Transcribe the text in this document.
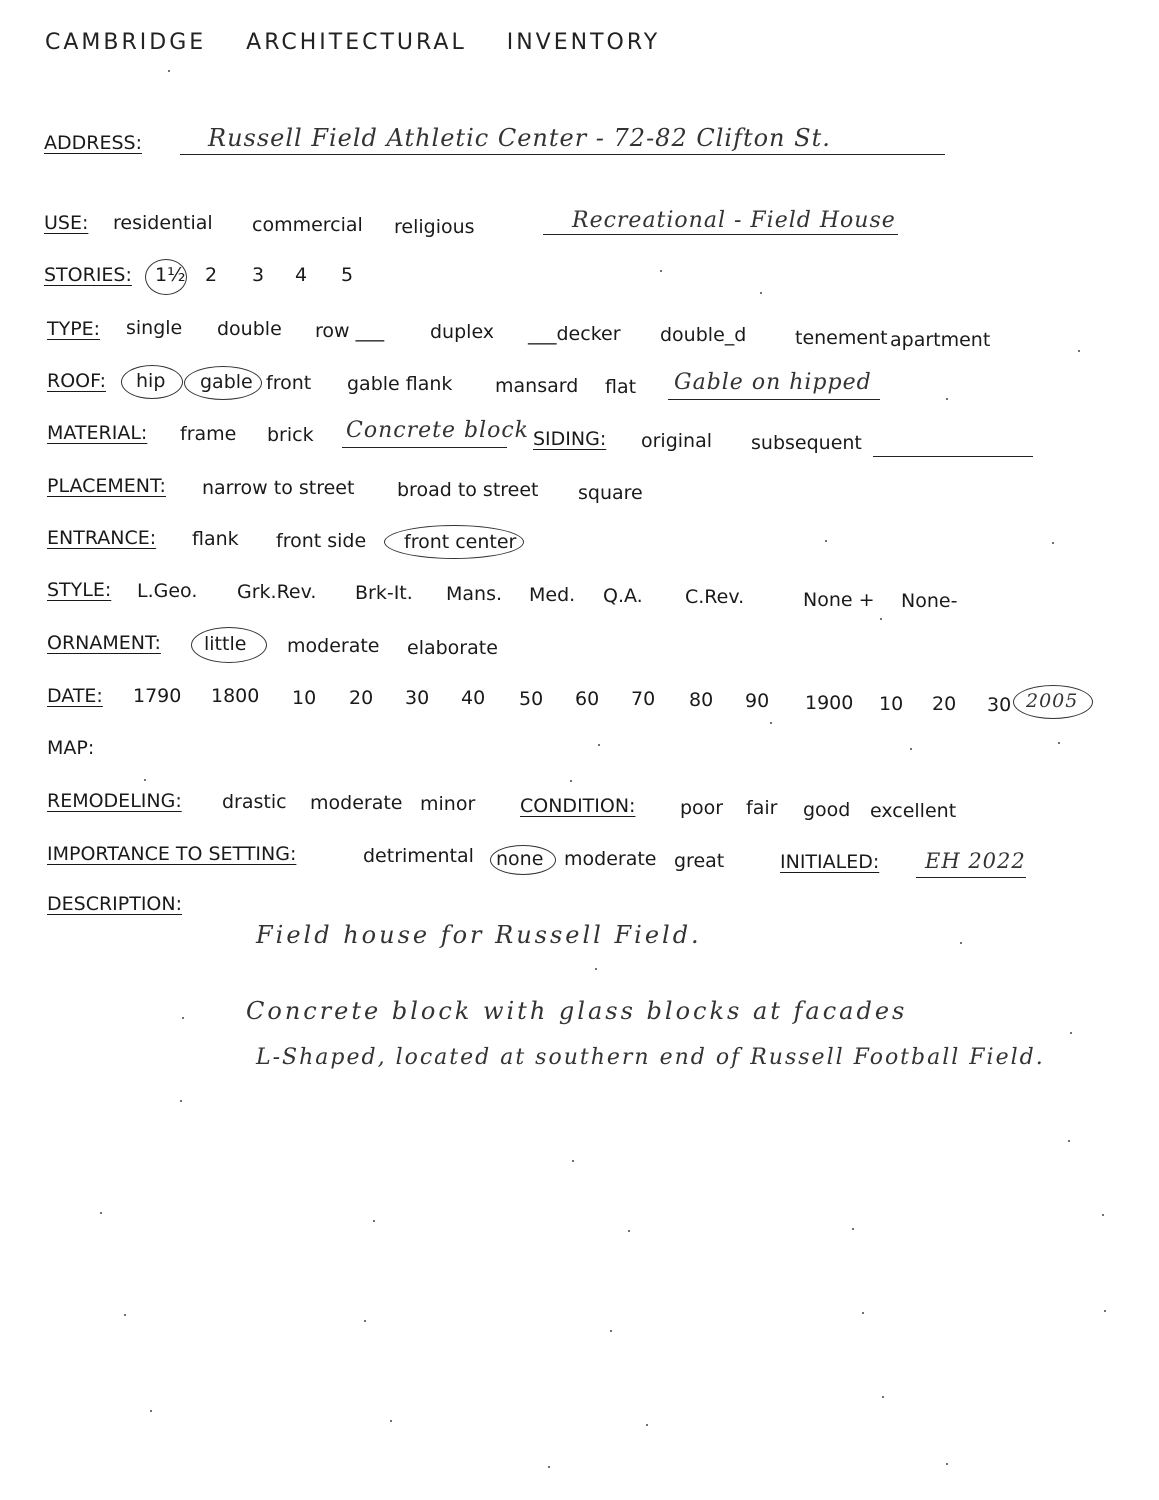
CAMBRIDGE ARCHITECTURAL INVENTORY
ADDRESS:	Russell Field Athletic Center - 72-82 Clifton St.
USE: residential commercial religious	Recreational - Field House
STORIES: 1½ 2 3 4 5
TYPE: single double row ___ duplex ___decker double_d	tenement apartment
ROOF: hip gable front gable flank mansard flat Gable on hipped
MATERIAL: frame brick Concrete block SIDING: original subsequent
PLACEMENT: narrow to street broad to street square
ENTRANCE: flank front side front center
STYLE: L.Geo. Grk.Rev. Brk-It. Mans. Med. Q.A. C.Rev.	None + None-
ORNAMENT: little moderate elaborate
DATE: 1790 1800 10 20 30 40 50 60 70 80 90 1900 10 20 30 2005
MAP:
REMODELING: drastic moderate minor CONDITION: poor fair good excellent
IMPORTANCE TO SETTING:	detrimental none moderate great	INITIALED: EH 2022
DESCRIPTION:
Field house for Russell Field.
Concrete block with glass blocks at facades
L-Shaped, located at southern end of Russell Football Field.
